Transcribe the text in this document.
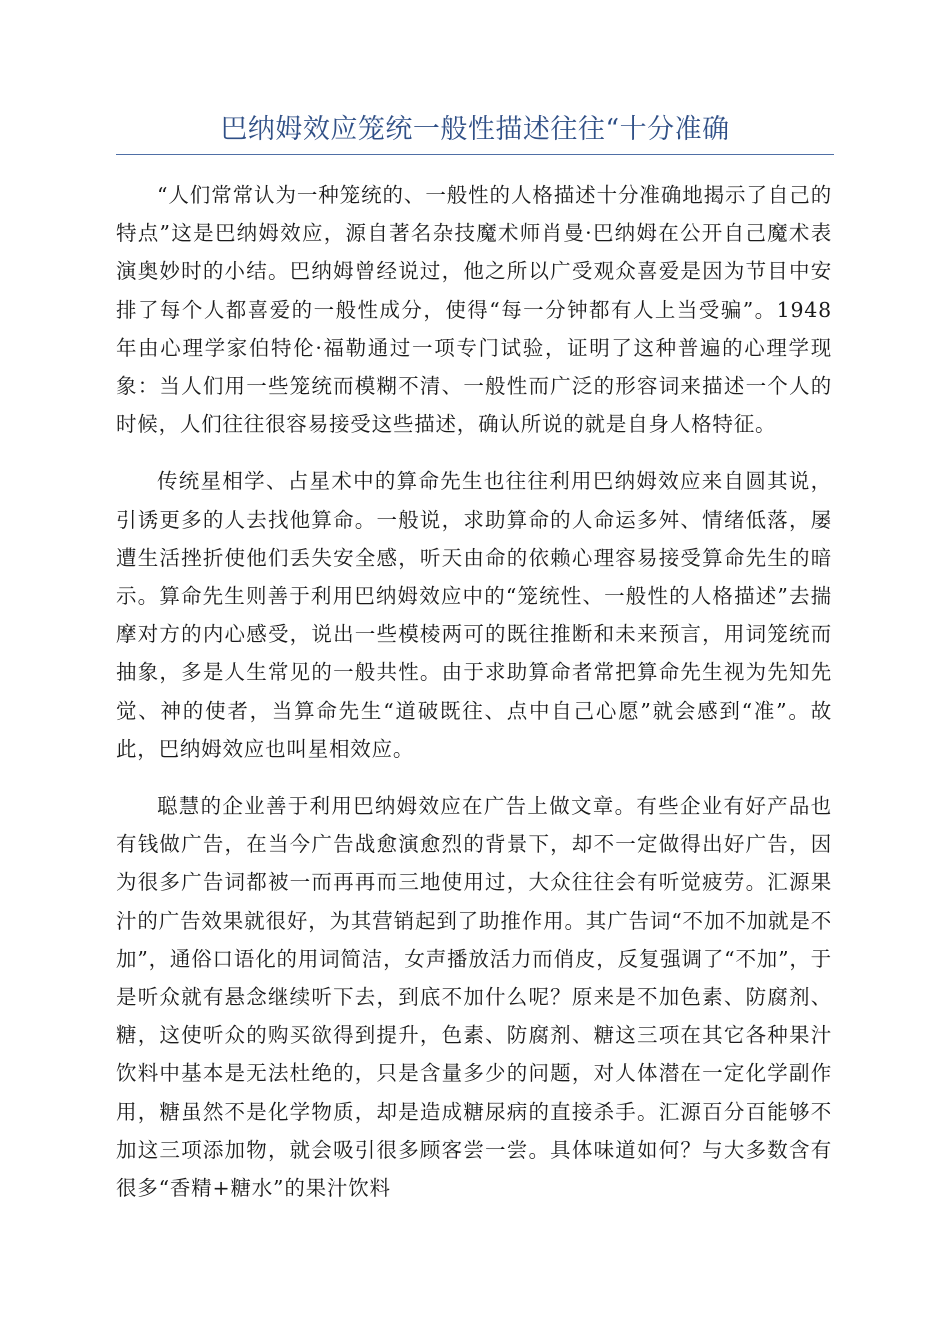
巴纳姆效应笼统一般性描述往往“十分准确

“人们常常认为一种笼统的、一般性的人格描述十分准确地揭示了自己的特点”这是巴纳姆效应，源自著名杂技魔术师肖曼·巴纳姆在公开自己魔术表演奥妙时的小结。巴纳姆曾经说过，他之所以广受观众喜爱是因为节目中安排了每个人都喜爱的一般性成分，使得“每一分钟都有人上当受骗”。1948年由心理学家伯特伦·福勒通过一项专门试验，证明了这种普遍的心理学现象：当人们用一些笼统而模糊不清、一般性而广泛的形容词来描述一个人的时候，人们往往很容易接受这些描述，确认所说的就是自身人格特征。

传统星相学、占星术中的算命先生也往往利用巴纳姆效应来自圆其说，引诱更多的人去找他算命。一般说，求助算命的人命运多舛、情绪低落，屡遭生活挫折使他们丢失安全感，听天由命的依赖心理容易接受算命先生的暗示。算命先生则善于利用巴纳姆效应中的“笼统性、一般性的人格描述”去揣摩对方的内心感受，说出一些模棱两可的既往推断和未来预言，用词笼统而抽象，多是人生常见的一般共性。由于求助算命者常把算命先生视为先知先觉、神的使者，当算命先生“道破既往、点中自己心愿”就会感到“准”。故此，巴纳姆效应也叫星相效应。

聪慧的企业善于利用巴纳姆效应在广告上做文章。有些企业有好产品也有钱做广告，在当今广告战愈演愈烈的背景下，却不一定做得出好广告，因为很多广告词都被一而再再而三地使用过，大众往往会有听觉疲劳。汇源果汁的广告效果就很好，为其营销起到了助推作用。其广告词“不加不加就是不加”，通俗口语化的用词简洁，女声播放活力而俏皮，反复强调了“不加”，于是听众就有悬念继续听下去，到底不加什么呢？原来是不加色素、防腐剂、糖，这使听众的购买欲得到提升，色素、防腐剂、糖这三项在其它各种果汁饮料中基本是无法杜绝的，只是含量多少的问题，对人体潜在一定化学副作用，糖虽然不是化学物质，却是造成糖尿病的直接杀手。汇源百分百能够不加这三项添加物，就会吸引很多顾客尝一尝。具体味道如何？与大多数含有很多“香精+糖水”的果汁饮料
